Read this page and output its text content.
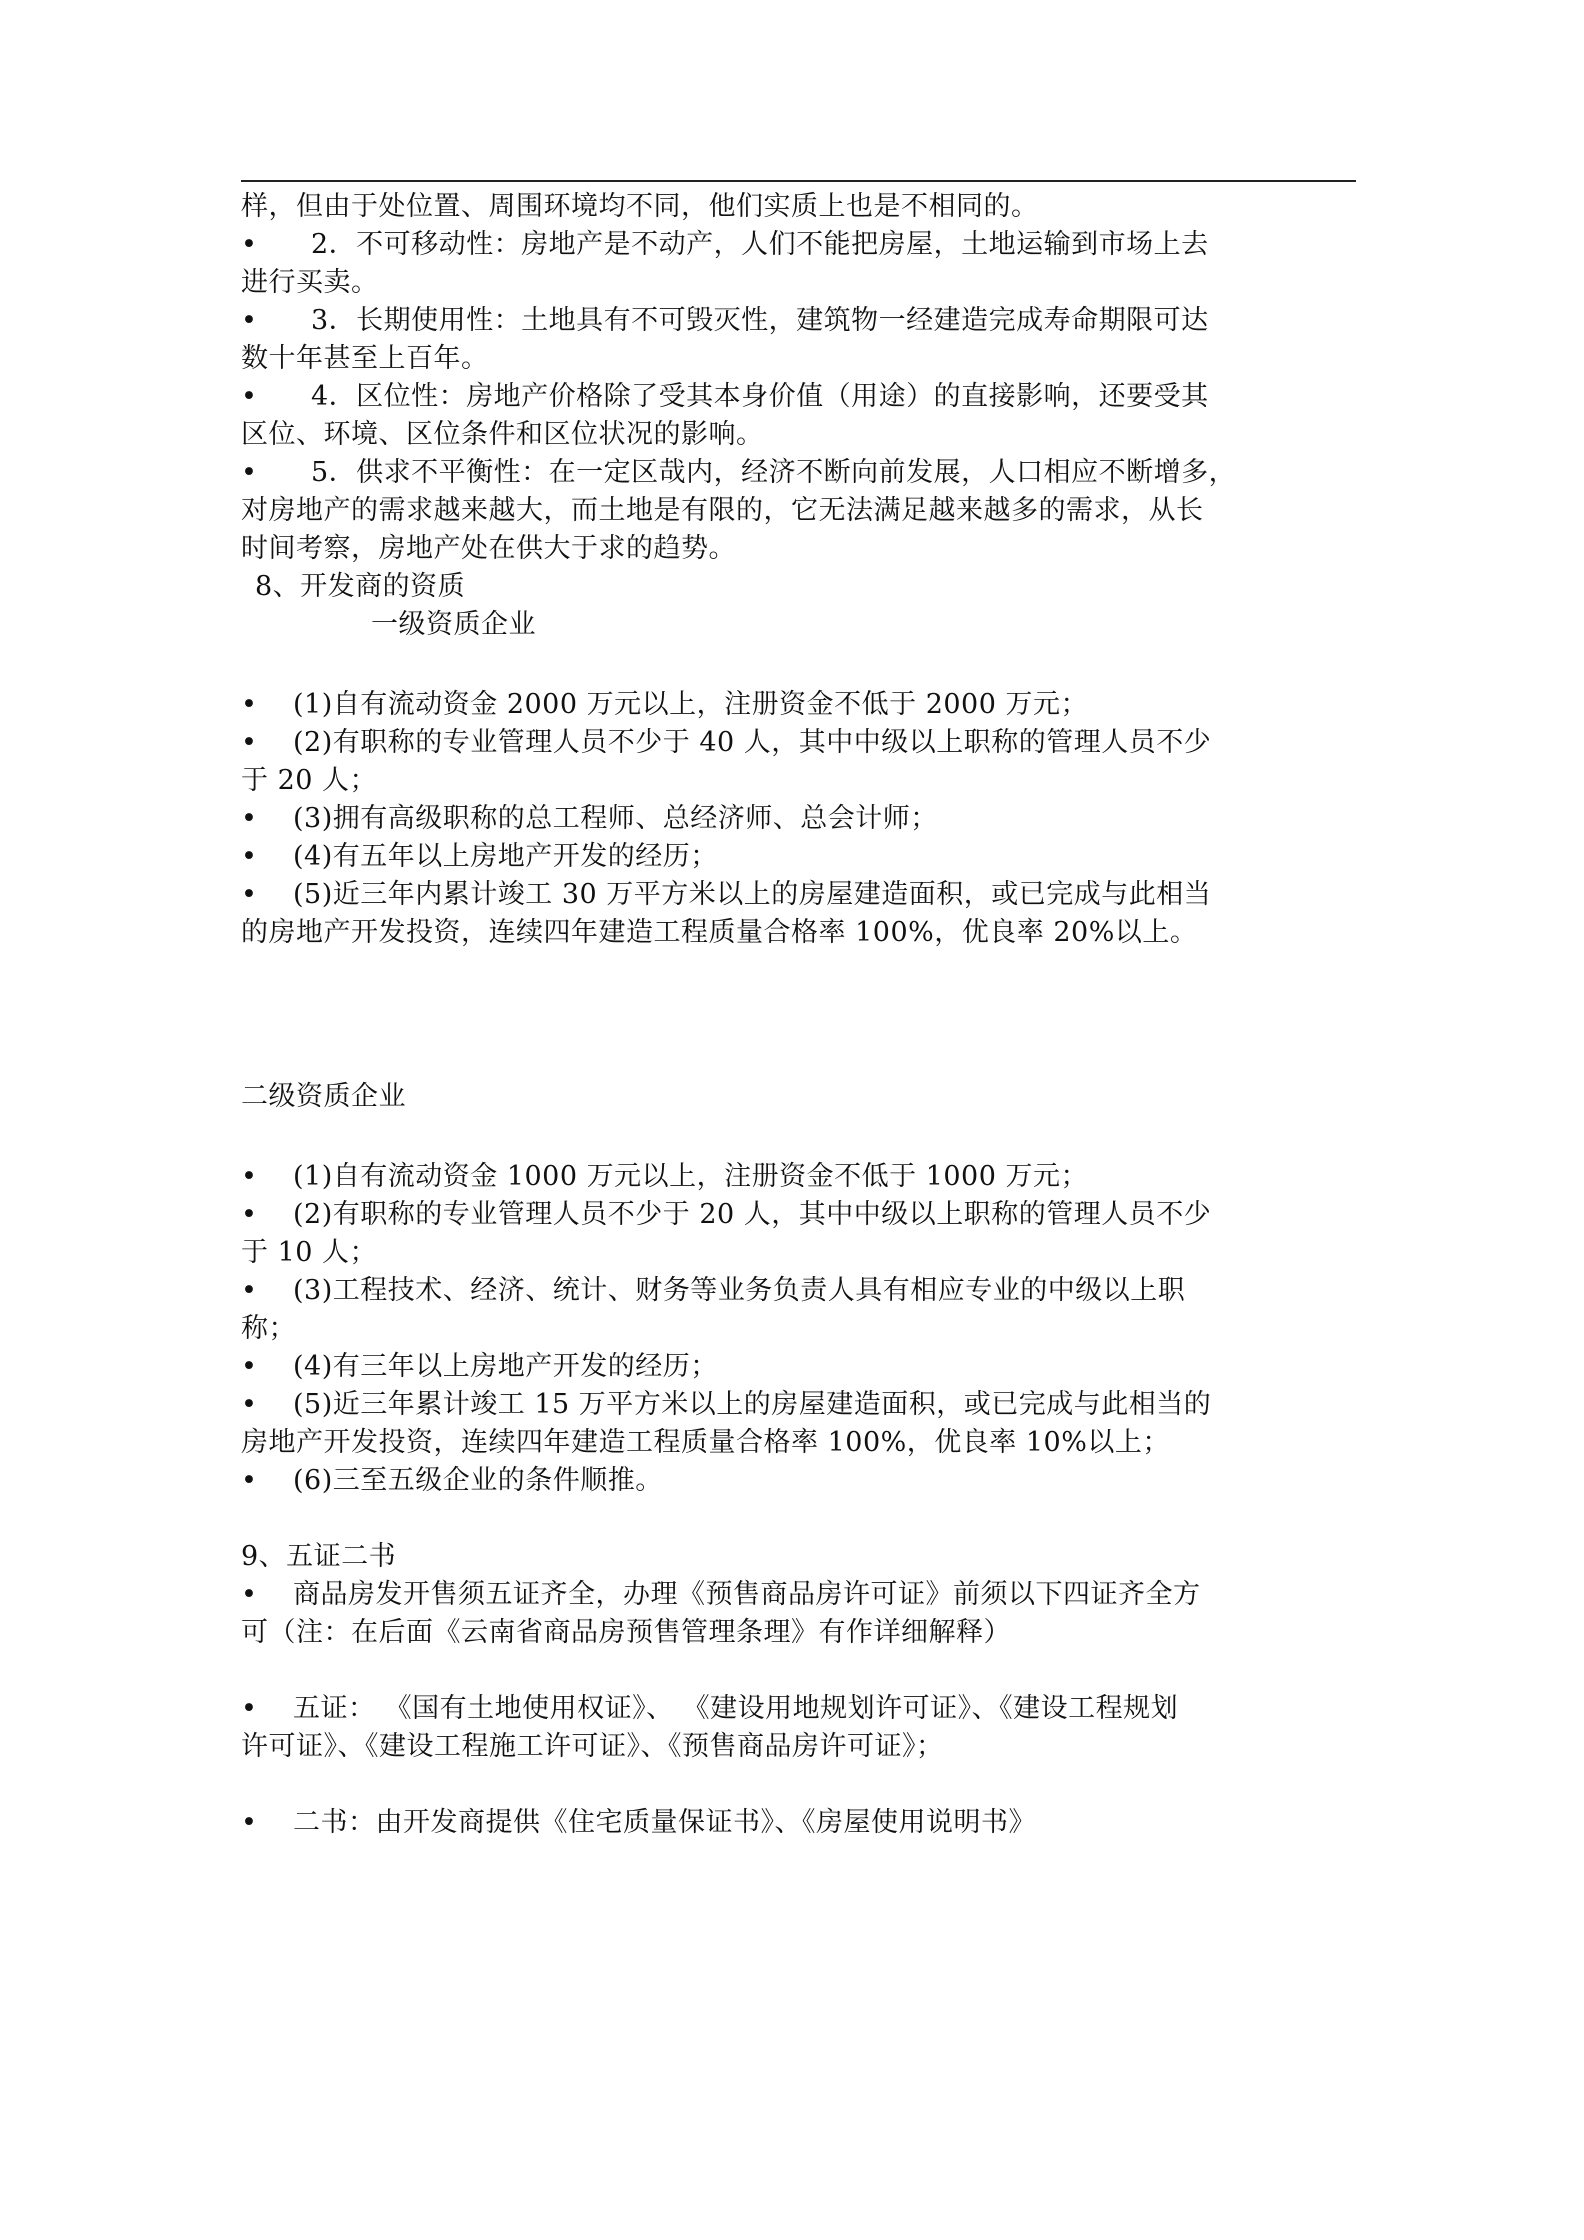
样，但由于处位置、周围环境均不同，他们实质上也是不相同的。
• 2．不可移动性：房地产是不动产，人们不能把房屋，土地运输到市场上去
进行买卖。
• 3．长期使用性：土地具有不可毁灭性，建筑物一经建造完成寿命期限可达
数十年甚至上百年。
• 4．区位性：房地产价格除了受其本身价值（用途）的直接影响，还要受其
区位、环境、区位条件和区位状况的影响。
• 5．供求不平衡性：在一定区哉内，经济不断向前发展，人口相应不断增多，
对房地产的需求越来越大，而土地是有限的，它无法满足越来越多的需求，从长
时间考察，房地产处在供大于求的趋势。
8、开发商的资质
一级资质企业
• (1)自有流动资金 2000 万元以上，注册资金不低于 2000 万元；
• (2)有职称的专业管理人员不少于 40 人，其中中级以上职称的管理人员不少
于 20 人；
• (3)拥有高级职称的总工程师、总经济师、总会计师；
• (4)有五年以上房地产开发的经历；
• (5)近三年内累计竣工 30 万平方米以上的房屋建造面积，或已完成与此相当
的房地产开发投资，连续四年建造工程质量合格率 100%，优良率 20%以上。
二级资质企业
• (1)自有流动资金 1000 万元以上，注册资金不低于 1000 万元；
• (2)有职称的专业管理人员不少于 20 人，其中中级以上职称的管理人员不少
于 10 人；
• (3)工程技术、经济、统计、财务等业务负责人具有相应专业的中级以上职
称；
• (4)有三年以上房地产开发的经历；
• (5)近三年累计竣工 15 万平方米以上的房屋建造面积，或已完成与此相当的
房地产开发投资，连续四年建造工程质量合格率 100%，优良率 10%以上；
• (6)三至五级企业的条件顺推。
9、五证二书
• 商品房发开售须五证齐全，办理《预售商品房许可证》前须以下四证齐全方
可（注：在后面《云南省商品房预售管理条理》有作详细解释）
• 五证： 《国有土地使用权证》、 《建设用地规划许可证》、《建设工程规划
许可证》、《建设工程施工许可证》、《预售商品房许可证》；
• 二书：由开发商提供《住宅质量保证书》、《房屋使用说明书》
